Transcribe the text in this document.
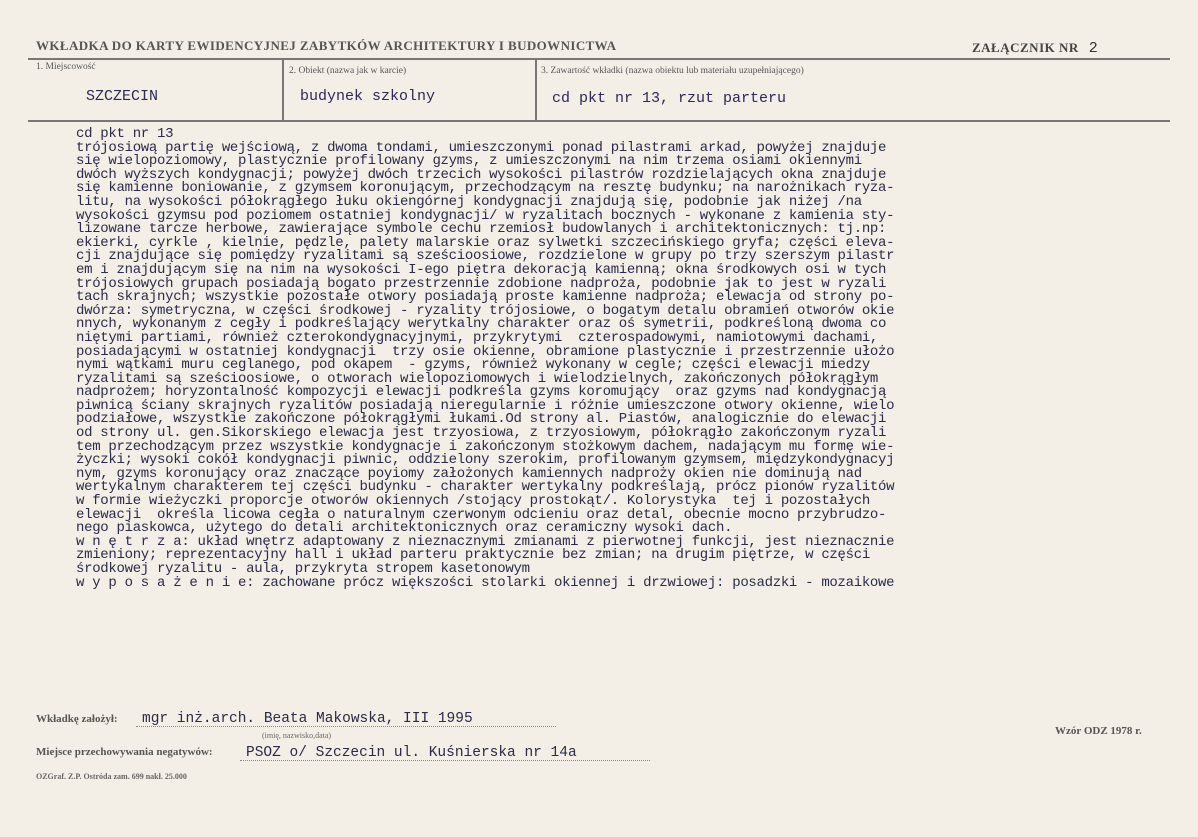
WKŁADKA DO KARTY EWIDENCYJNEJ ZABYTKÓW ARCHITEKTURY I BUDOWNICTWA	ZAŁĄCZNIK NR 2
1. Miejscowość
SZCZECIN
2. Obiekt (nazwa jak w karcie)
budynek szkolny
3. Zawartość wkładki (nazwa obiektu lub materiału uzupełniającego)
cd pkt nr 13, rzut parteru
cd pkt nr 13
trójosiową partię wejściową, z dwoma tondami, umieszczonymi ponad pilastrami arkad, powyżej znajduje
się wielopoziomowy, plastycznie profilowany gzyms, z umieszczonymi na nim trzema osiami okiennymi
dwóch wyższych kondygnacji; powyżej dwóch trzecich wysokości pilastrów rozdzielających okna znajduje
się kamienne boniowanie, z gzymsem koronującym, przechodzącym na resztę budynku; na narożnikach ryza-
litu, na wysokości półokrągłego łuku okiengórnej kondygnacji znajdują się, podobnie jak niżej /na
wysokości gzymsu pod poziomem ostatniej kondygnacji/ w ryzalitach bocznych - wykonane z kamienia sty-
lizowane tarcze herbowe, zawierające symbole cechu rzemiosł budowlanych i architektonicznych: tj.np:
ekierki, cyrkle , kielnie, pędzle, palety malarskie oraz sylwetki szczecińskiego gryfa; części eleva-
cji znajdujące się pomiędzy ryzalitami są sześcioosiowe, rozdzielone w grupy po trzy szerszym pilastr
em i znajdującym się na nim na wysokości I-ego piętra dekoracją kamienną; okna środkowych osi w tych
trójosiowych grupach posiadają bogato przestrzennie zdobione nadproża, podobnie jak to jest w ryzali
tach skrajnych; wszystkie pozostałe otwory posiadają proste kamienne nadproża; elewacja od strony po-
dwórza: symetryczna, w części środkowej - ryzality trójosiowe, o bogatym detalu obramień otworów okie
nnych, wykonanym z cegły i podkreślający werytkalny charakter oraz oś symetrii, podkreśloną dwoma co
niętymi partiami, również czterokondygnacyjnymi, przykrytymi  czterospadowymi, namiotowymi dachami,
posiadającymi w ostatniej kondygnacji  trzy osie okienne, obramione plastycznie i przestrzennie ułożo
nymi wątkami muru ceglanego, pod okapem  - gzyms, również wykonany w cegle; części elewacji miedzy
ryzalitami są sześcioosiowe, o otworach wielopoziomowych i wielodzielnych, zakończonych półokrągłym
nadprożem; horyzontalność kompozycji elewacji podkreśla gzyms koromujący  oraz gzyms nad kondygnacją
piwnicą ściany skrajnych ryzalitów posiadają nieregularnie i różnie umieszczone otwory okienne, wielo
podziałowe, wszystkie zakończone półokrągłymi łukami.Od strony al. Piastów, analogicznie do elewacji
od strony ul. gen.Sikorskiego elewacja jest trzyosiowa, z trzyosiowym, półokrągło zakończonym ryzali
tem przechodzącym przez wszystkie kondygnacje i zakończonym stożkowym dachem, nadającym mu formę wie-
życzki; wysoki cokół kondygnacji piwnic, oddzielony szerokim, profilowanym gzymsem, międzykondygnacyj
nym, gzyms koronujący oraz znaczące poyiomy założonych kamiennych nadproży okien nie dominują nad
wertykalnym charakterem tej części budynku - charakter wertykalny podkreślają, prócz pionów ryzalitów
w formie wieżyczki proporcje otworów okiennych /stojący prostokąt/. Kolorystyka  tej i pozostałych
elewacji  określa licowa cegła o naturalnym czerwonym odcieniu oraz detal, obecnie mocno przybrudzo-
nego piaskowca, użytego do detali architektonicznych oraz ceramiczny wysoki dach.
w n ę t r z a: układ wnętrz adaptowany z nieznacznymi zmianami z pierwotnej funkcji, jest nieznacznie
zmieniony; reprezentacyjny hall i układ parteru praktycznie bez zmian; na drugim piętrze, w części
środkowej ryzalitu - aula, przykryta stropem kasetonowym
w y p o s a ż e n i e: zachowane prócz większości stolarki okiennej i drzwiowej: posadzki - mozaikowe
Wkładkę założył: mgr inż.arch. Beata Makowska, III 1995
(imię, nazwisko,data)	Wzór ODZ 1978 r.
Miejsce przechowywania negatywów: PSOZ o/ Szczecin ul. Kuśnierska nr 14a
OZGraf. Z.P. Ostróda zam. 699 nakł. 25.000
